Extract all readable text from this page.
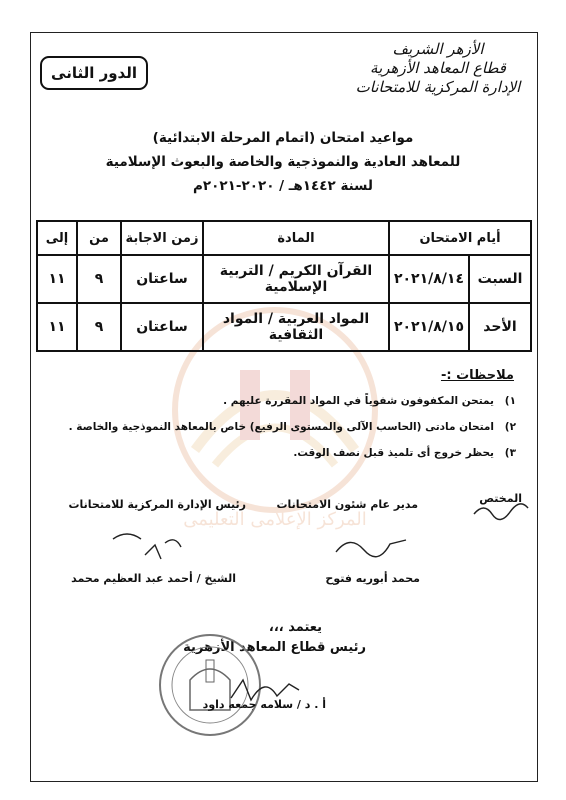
الأزهر الشريف
قطاع المعاهد الأزهرية
الإدارة المركزية للامتحانات
الدور الثانى
المركز الإعلامى التعليمى
مواعيد امتحان (اتمام المرحلة الابتدائية)
للمعاهد العادية والنموذجية والخاصة والبعوث الإسلامية
لسنة ١٤٤٢هـ / ٢٠٢٠-٢٠٢١م
أيام الامتحان		المادة	زمن الاجابة	من	إلى
السبت	٢٠٢١/٨/١٤	القرآن الكريم / التربية الإسلامية	ساعتان	٩	١١
الأحد	٢٠٢١/٨/١٥	المواد العربية / المواد الثقافية	ساعتان	٩	١١
ملاحظات :-
١)يمتحن المكفوفون شفوياً في المواد المقررة عليهم .
٢)امتحان مادتى (الحاسب الآلى والمستوى الرفيع) خاص بالمعاهد النموذجية والخاصة .
٣)يحظر خروج أى تلميذ قبل نصف الوقت.
المختص
مدير عام شئون الامتحانات
رئيس الإدارة المركزية للامتحانات
محمد أبوريه فتوح
الشيخ / أحمد عبد العظيم محمد
يعتمد ،،،
رئيس قطاع المعاهد الأزهرية
أ . د / سلامه جمعه داود
